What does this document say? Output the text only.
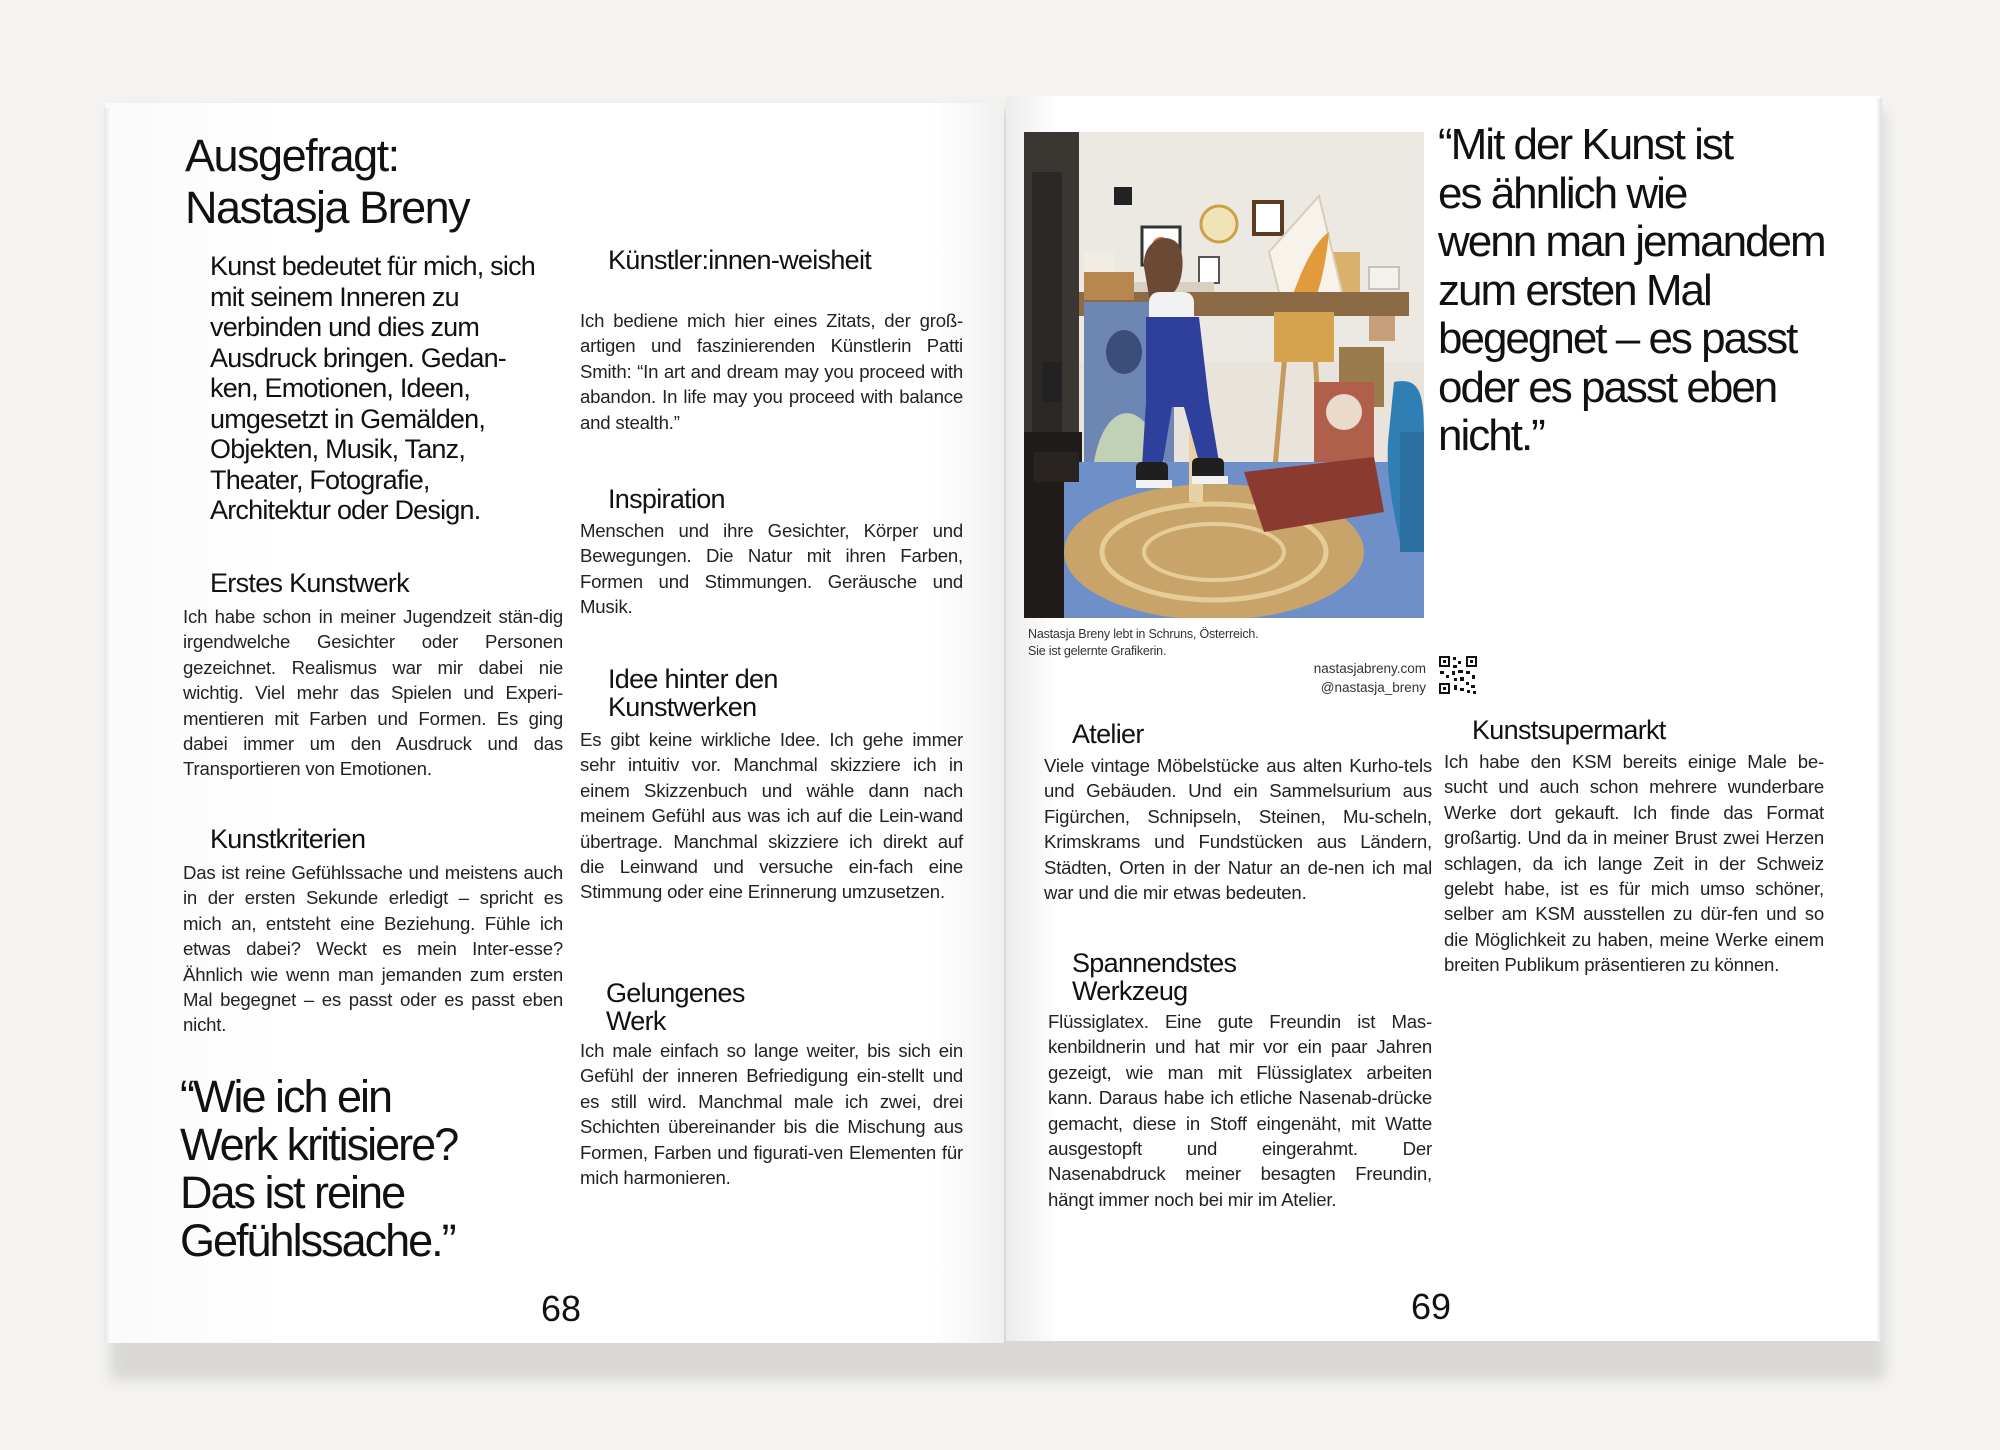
Ausgefragt:
Nastasja Breny

Kunst bedeutet für mich, sich mit seinem Inneren zu verbinden und dies zum Ausdruck bringen. Gedan-ken, Emotionen, Ideen, umgesetzt in Gemälden, Objekten, Musik, Tanz, Theater, Fotografie, Architektur oder Design.

Erstes Kunstwerk

Ich habe schon in meiner Jugendzeit stän-dig irgendwelche Gesichter oder Personen gezeichnet. Realismus war mir dabei nie wichtig. Viel mehr das Spielen und Experi-mentieren mit Farben und Formen. Es ging dabei immer um den Ausdruck und das Transportieren von Emotionen.

Kunstkriterien

Das ist reine Gefühlssache und meistens auch in der ersten Sekunde erledigt – spricht es mich an, entsteht eine Beziehung. Fühle ich etwas dabei? Weckt es mein Inter-esse? Ähnlich wie wenn man jemanden zum ersten Mal begegnet – es passt oder es passt eben nicht.

“Wie ich ein
Werk kritisiere?
Das ist reine
Gefühlssache.”
Künstler:innen-weisheit

Ich bediene mich hier eines Zitats, der groß-artigen und faszinierenden Künstlerin Patti Smith: “In art and dream may you proceed with abandon. In life may you proceed with balance and stealth.”

Inspiration

Menschen und ihre Gesichter, Körper und Bewegungen. Die Natur mit ihren Farben, Formen und Stimmungen. Geräusche und Musik.

Idee hinter den Kunstwerken

Es gibt keine wirkliche Idee. Ich gehe immer sehr intuitiv vor. Manchmal skizziere ich in einem Skizzenbuch und wähle dann nach meinem Gefühl aus was ich auf die Lein-wand übertrage. Manchmal skizziere ich direkt auf die Leinwand und versuche ein-fach eine Stimmung oder eine Erinnerung umzusetzen.

Gelungenes Werk

Ich male einfach so lange weiter, bis sich ein Gefühl der inneren Befriedigung ein-stellt und es still wird. Manchmal male ich zwei, drei Schichten übereinander bis die Mischung aus Formen, Farben und figurati-ven Elementen für mich harmonieren.

68
“Mit der Kunst ist
es ähnlich wie
wenn man jemandem
zum ersten Mal
begegnet – es passt
oder es passt eben
nicht.”
Nastasja Breny lebt in Schruns, Österreich.
Sie ist gelernte Grafikerin.
nastasjabreny.com
@nastasja_breny
Atelier

Viele vintage Möbelstücke aus alten Kurho-tels und Gebäuden. Und ein Sammelsurium aus Figürchen, Schnipseln, Steinen, Mu-scheln, Krimskrams und Fundstücken aus Ländern, Städten, Orten in der Natur an de-nen ich mal war und die mir etwas bedeuten.

Spannendstes Werkzeug

Flüssiglatex. Eine gute Freundin ist Mas-kenbildnerin und hat mir vor ein paar Jahren gezeigt, wie man mit Flüssiglatex arbeiten kann. Daraus habe ich etliche Nasenab-drücke gemacht, diese in Stoff eingenäht, mit Watte ausgestopft und eingerahmt. Der Nasenabdruck meiner besagten Freundin, hängt immer noch bei mir im Atelier.

Kunstsupermarkt

Ich habe den KSM bereits einige Male be-sucht und auch schon mehrere wunderbare Werke dort gekauft. Ich finde das Format großartig. Und da in meiner Brust zwei Herzen schlagen, da ich lange Zeit in der Schweiz gelebt habe, ist es für mich umso schöner, selber am KSM ausstellen zu dür-fen und so die Möglichkeit zu haben, meine Werke einem breiten Publikum präsentieren zu können.

69
